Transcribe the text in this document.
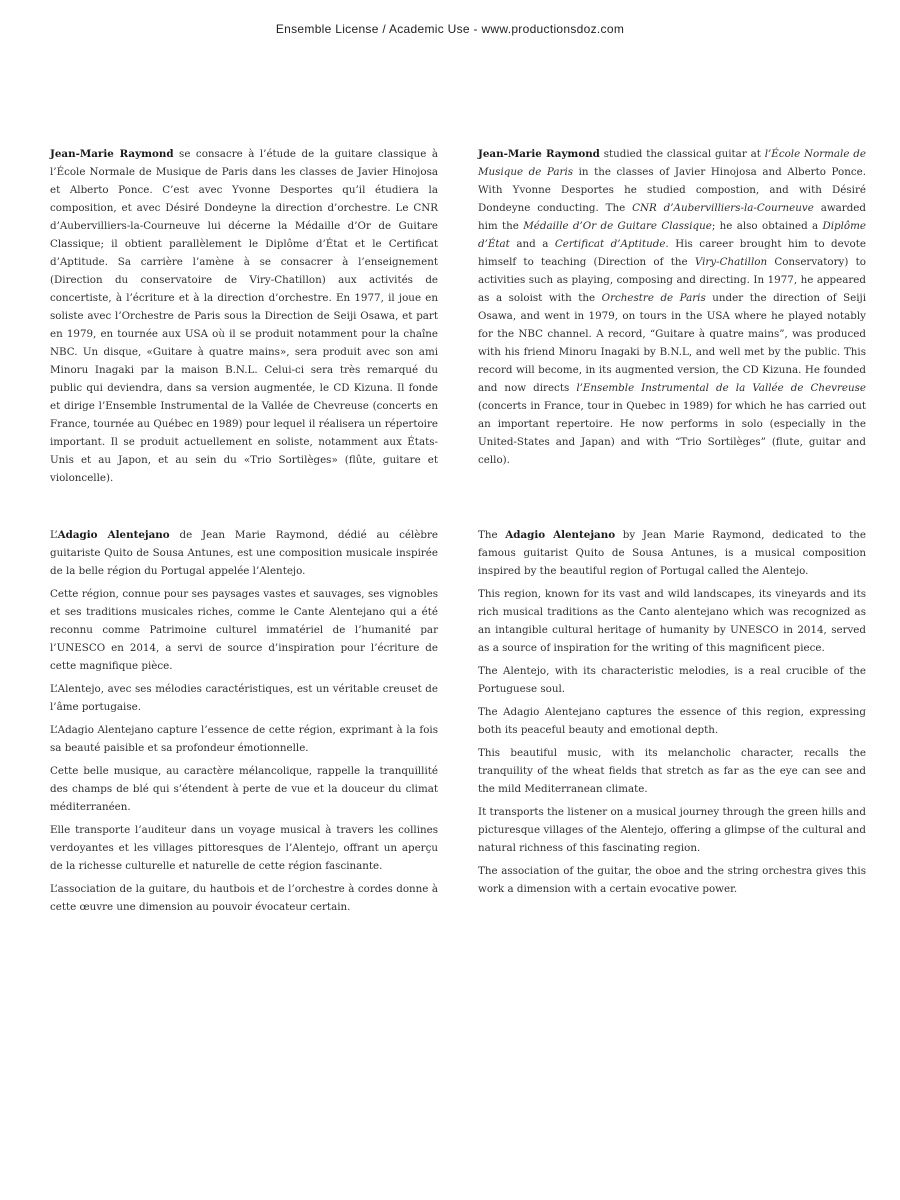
Ensemble License / Academic Use - www.productionsdoz.com

Jean-Marie Raymond se consacre à l’étude de la guitare classique à l’École Normale de Musique de Paris dans les classes de Javier Hinojosa et Alberto Ponce. C’est avec Yvonne Desportes qu’il étudiera la composition, et avec Désiré Dondeyne la direction d’orchestre. Le CNR d’Aubervilliers-la-Courneuve lui décerne la Médaille d’Or de Guitare Classique; il obtient parallèlement le Diplôme d’État et le Certificat d’Aptitude. Sa carrière l’amène à se consacrer à l’enseignement (Direction du conservatoire de Viry-Chatillon) aux activités de concertiste, à l’écriture et à la direction d’orchestre. En 1977, il joue en soliste avec l’Orchestre de Paris sous la Direction de Seiji Osawa, et part en 1979, en tournée aux USA où il se produit notamment pour la chaîne NBC. Un disque, «Guitare à quatre mains», sera produit avec son ami Minoru Inagaki par la maison B.N.L. Celui-ci sera très remarqué du public qui deviendra, dans sa version augmentée, le CD Kizuna. Il fonde et dirige l’Ensemble Instrumental de la Vallée de Chevreuse (concerts en France, tournée au Québec en 1989) pour lequel il réalisera un répertoire important. Il se produit actuellement en soliste, notamment aux États-Unis et au Japon, et au sein du «Trio Sortilèges» (flûte, guitare et violoncelle).

Jean-Marie Raymond studied the classical guitar at l’École Normale de Musique de Paris in the classes of Javier Hinojosa and Alberto Ponce. With Yvonne Desportes he studied compostion, and with Désiré Dondeyne conducting. The CNR d’Aubervilliers-la-Courneuve awarded him the Médaille d’Or de Guitare Classique; he also obtained a Diplôme d’État and a Certificat d’Aptitude. His career brought him to devote himself to teaching (Direction of the Viry-Chatillon Conservatory) to activities such as playing, composing and directing. In 1977, he appeared as a soloist with the Orchestre de Paris under the direction of Seiji Osawa, and went in 1979, on tours in the USA where he played notably for the NBC channel. A record, “Guitare à quatre mains”, was produced with his friend Minoru Inagaki by B.N.L, and well met by the public. This record will become, in its augmented version, the CD Kizuna. He founded and now directs l’Ensemble Instrumental de la Vallée de Chevreuse (concerts in France, tour in Quebec in 1989) for which he has carried out an important repertoire. He now performs in solo (especially in the United-States and Japan) and with “Trio Sortilèges” (flute, guitar and cello).

L’Adagio Alentejano de Jean Marie Raymond, dédié au célèbre guitariste Quito de Sousa Antunes, est une composition musicale inspirée de la belle région du Portugal appelée l’Alentejo.

Cette région, connue pour ses paysages vastes et sauvages, ses vignobles et ses traditions musicales riches, comme le Cante Alentejano qui a été reconnu comme Patrimoine culturel immatériel de l’humanité par l’UNESCO en 2014, a servi de source d’inspiration pour l’écriture de cette magnifique pièce.

L’Alentejo, avec ses mélodies caractéristiques, est un véritable creuset de l’âme portugaise.

L’Adagio Alentejano capture l’essence de cette région, exprimant à la fois sa beauté paisible et sa profondeur émotionnelle.

Cette belle musique, au caractère mélancolique, rappelle la tranquillité des champs de blé qui s’étendent à perte de vue et la douceur du climat méditerranéen.

Elle transporte l’auditeur dans un voyage musical à travers les collines verdoyantes et les villages pittoresques de l’Alentejo, offrant un aperçu de la richesse culturelle et naturelle de cette région fascinante.

L’association de la guitare, du hautbois et de l’orchestre à cordes donne à cette œuvre une dimension au pouvoir évocateur certain.

The Adagio Alentejano by Jean Marie Raymond, dedicated to the famous guitarist Quito de Sousa Antunes, is a musical composition inspired by the beautiful region of Portugal called the Alentejo.

This region, known for its vast and wild landscapes, its vineyards and its rich musical traditions as the Canto alentejano which was recognized as an intangible cultural heritage of humanity by UNESCO in 2014, served as a source of inspiration for the writing of this magnificent piece.

The Alentejo, with its characteristic melodies, is a real crucible of the Portuguese soul.

The Adagio Alentejano captures the essence of this region, expressing both its peaceful beauty and emotional depth.

This beautiful music, with its melancholic character, recalls the tranquility of the wheat fields that stretch as far as the eye can see and the mild Mediterranean climate.

It transports the listener on a musical journey through the green hills and picturesque villages of the Alentejo, offering a glimpse of the cultural and natural richness of this fascinating region.

The association of the guitar, the oboe and the string orchestra gives this work a dimension with a certain evocative power.
